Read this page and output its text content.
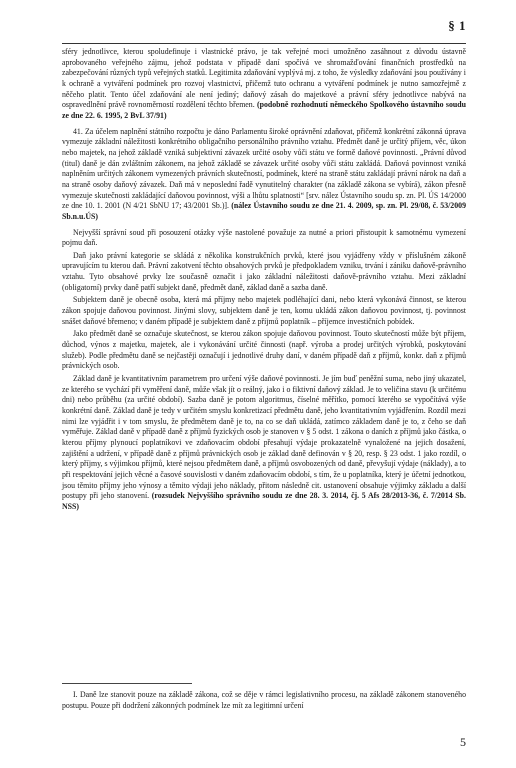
§ 1

sféry jednotlivce, kterou spoludefinuje i vlastnické právo, je tak veřejné moci umožněno zasáhnout z důvodu ústavně aprobovaného veřejného zájmu, jehož podstata v případě daní spočívá ve shromažďování finančních prostředků na zabezpečování různých typů veřejných statků. Legitimita zdaňování vyplývá mj. z toho, že výsledky zdaňování jsou používány i k ochraně a vytváření podmínek pro rozvoj vlastnictví, přičemž tuto ochranu a vytváření podmínek je nutno samozřejmě z něčeho platit. Tento účel zdaňování ale není jediný; daňový zásah do majetkové a právní sféry jednotlivce nabývá na ospravedlnění právě rovnoměrností rozdělení těchto břemen. (podobně rozhodnutí německého Spolkového ústavního soudu ze dne 22. 6. 1995, 2 BvL 37/91)

41. Za účelem naplnění státního rozpočtu je dáno Parlamentu široké oprávnění zdaňovat, přičemž konkrétní zákonná úprava vymezuje základní náležitosti konkrétního obligačního personálního právního vztahu. Předmět daně je určitý příjem, věc, úkon nebo majetek, na jehož základě vzniká subjektivní závazek určité osoby vůči státu ve formě daňové povinnosti. „Právní důvod (titul) daně je dán zvláštním zákonem, na jehož základě se závazek určité osoby vůči státu zakládá. Daňová povinnost vzniká naplněním určitých zákonem vymezených právních skutečností, podmínek, které na straně státu zakládají právní nárok na daň a na straně osoby daňový závazek. Daň má v neposlední řadě vynutitelný charakter (na základě zákona se vybírá), zákon přesně vymezuje skutečnosti zakládající daňovou povinnost, výši a lhůtu splatnosti“ [srv. nález Ústavního soudu sp. zn. Pl. ÚS 14/2000 ze dne 10. 1. 2001 (N 4/21 SbNU 17; 43/2001 Sb.)]. (nález Ústavního soudu ze dne 21. 4. 2009, sp. zn. Pl. 29/08, č. 53/2009 Sb.n.u.ÚS)

Nejvyšší správní soud při posouzení otázky výše nastolené považuje za nutné a priori přistoupit k samotnému vymezení pojmu daň.

Daň jako právní kategorie se skládá z několika konstrukčních prvků, které jsou vyjádřeny vždy v příslušném zákoně upravujícím tu kterou daň. Právní zakotvení těchto obsahových prvků je předpokladem vzniku, trvání i zániku daňově-právního vztahu. Tyto obsahové prvky lze současně označit i jako základní náležitosti daňově-právního vztahu. Mezi základní (obligatorní) prvky daně patří subjekt daně, předmět daně, základ daně a sazba daně.

Subjektem daně je obecně osoba, která má příjmy nebo majetek podléhající dani, nebo která vykonává činnost, se kterou zákon spojuje daňovou povinnost. Jinými slovy, subjektem daně je ten, komu ukládá zákon daňovou povinnost, tj. povinnost snášet daňové břemeno; v daném případě je subjektem daně z příjmů poplatník – příjemce investičních pobídek.

Jako předmět daně se označuje skutečnost, se kterou zákon spojuje daňovou povinnost. Touto skutečností může být příjem, důchod, výnos z majetku, majetek, ale i vykonávání určité činnosti (např. výroba a prodej určitých výrobků, poskytování služeb). Podle předmětu daně se nejčastěji označují i jednotlivé druhy daní, v daném případě daň z příjmů, konkr. daň z příjmů právnických osob.

Základ daně je kvantitativním parametrem pro určení výše daňové povinnosti. Je jím buď peněžní suma, nebo jiný ukazatel, ze kterého se vychází při vyměření daně, může však jít o reálný, jako i o fiktivní daňový základ. Je to veličina stavu (k určitému dni) nebo průběhu (za určité období). Sazba daně je potom algoritmus, číselné měřítko, pomocí kterého se vypočítává výše konkrétní daně. Základ daně je tedy v určitém smyslu konkretizací předmětu daně, jeho kvantitativním vyjádřením. Rozdíl mezi nimi lze vyjádřit i v tom smyslu, že předmětem daně je to, na co se daň ukládá, zatímco základem daně je to, z čeho se daň vyměřuje. Základ daně v případě daně z příjmů fyzických osob je stanoven v § 5 odst. 1 zákona o daních z příjmů jako částka, o kterou příjmy plynoucí poplatníkovi ve zdaňovacím období přesahují výdaje prokazatelně vynaložené na jejich dosažení, zajištění a udržení, v případě daně z příjmů právnických osob je základ daně definován v § 20, resp. § 23 odst. 1 jako rozdíl, o který příjmy, s výjimkou příjmů, které nejsou předmětem daně, a příjmů osvobozených od daně, převyšují výdaje (náklady), a to při respektování jejich věcné a časové souvislosti v daném zdaňovacím období, s tím, že u poplatníka, který je účetní jednotkou, jsou těmito příjmy jeho výnosy a těmito výdaji jeho náklady, přitom následně cit. ustanovení obsahuje výjimky základu a další postupy při jeho stanovení. (rozsudek Nejvyššího správního soudu ze dne 28. 3. 2014, čj. 5 Afs 28/2013-36, č. 7/2014 Sb. NSS)

I. Daně lze stanovit pouze na základě zákona, což se děje v rámci legislativního procesu, na základě zákonem stanoveného postupu. Pouze při dodržení zákonných podmínek lze mít za legitimní určení
5
